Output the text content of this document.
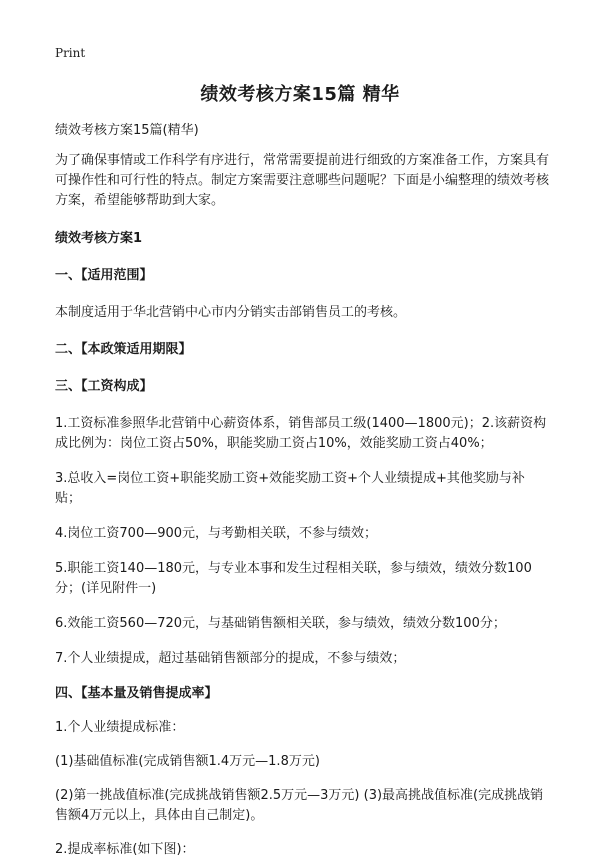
Print
绩效考核方案15篇 精华

绩效考核方案15篇(精华)

为了确保事情或工作科学有序进行，常常需要提前进行细致的方案准备工作，方案具有可操作性和可行性的特点。制定方案需要注意哪些问题呢？下面是小编整理的绩效考核方案，希望能够帮助到大家。

绩效考核方案1

一、【适用范围】

本制度适用于华北营销中心市内分销实击部销售员工的考核。

二、【本政策适用期限】

三、【工资构成】

1.工资标准参照华北营销中心薪资体系，销售部员工级(1400—1800元)；2.该薪资构成比例为：岗位工资占50%，职能奖励工资占10%，效能奖励工资占40%；

3.总收入=岗位工资+职能奖励工资+效能奖励工资+个人业绩提成+其他奖励与补贴；

4.岗位工资700—900元，与考勤相关联，不参与绩效；

5.职能工资140—180元，与专业本事和发生过程相关联，参与绩效，绩效分数100分；(详见附件一)

6.效能工资560—720元，与基础销售额相关联，参与绩效，绩效分数100分；

7.个人业绩提成，超过基础销售额部分的提成，不参与绩效；

四、【基本量及销售提成率】

1.个人业绩提成标准：

(1)基础值标准(完成销售额1.4万元—1.8万元)

(2)第一挑战值标准(完成挑战销售额2.5万元—3万元) (3)最高挑战值标准(完成挑战销售额4万元以上，具体由自己制定)。

2.提成率标准(如下图)：
